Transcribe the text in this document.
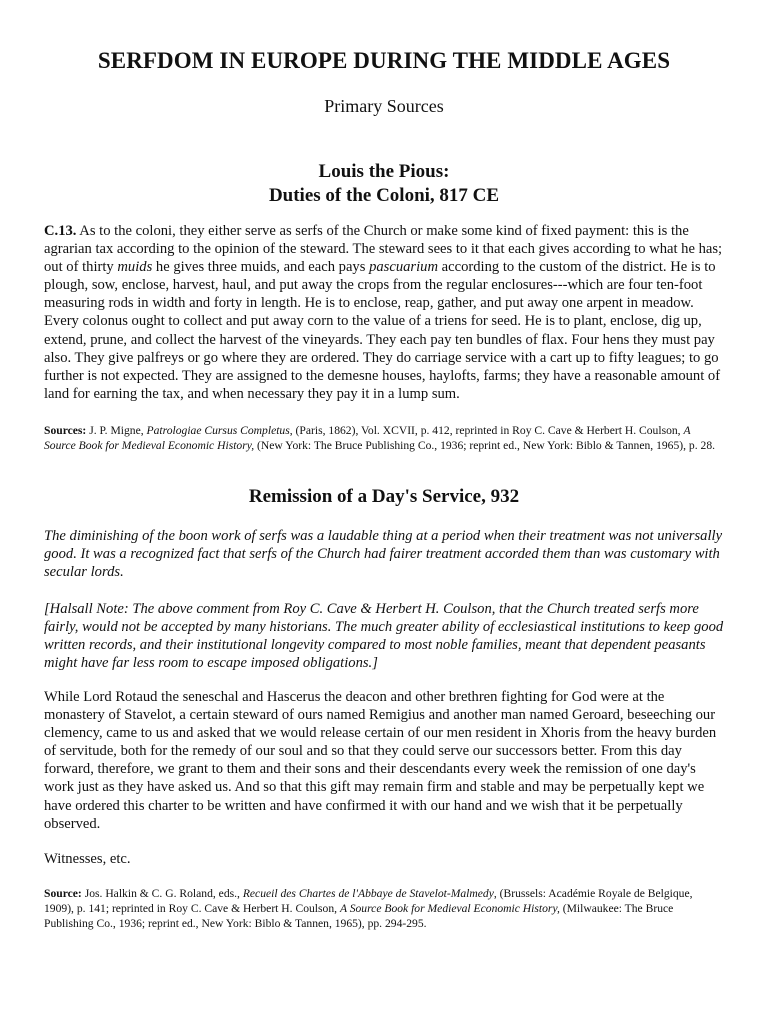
SERFDOM IN EUROPE DURING THE MIDDLE AGES
Primary Sources
Louis the Pious:
Duties of the Coloni, 817 CE
C.13. As to the coloni, they either serve as serfs of the Church or make some kind of fixed payment: this is the agrarian tax according to the opinion of the steward. The steward sees to it that each gives according to what he has; out of thirty muids he gives three muids, and each pays pascuarium according to the custom of the district. He is to plough, sow, enclose, harvest, haul, and put away the crops from the regular enclosures---which are four ten-foot measuring rods in width and forty in length. He is to enclose, reap, gather, and put away one arpent in meadow. Every colonus ought to collect and put away corn to the value of a triens for seed. He is to plant, enclose, dig up, extend, prune, and collect the harvest of the vineyards. They each pay ten bundles of flax. Four hens they must pay also. They give palfreys or go where they are ordered. They do carriage service with a cart up to fifty leagues; to go further is not expected. They are assigned to the demesne houses, haylofts, farms; they have a reasonable amount of land for earning the tax, and when necessary they pay it in a lump sum.
Sources: J. P. Migne, Patrologiae Cursus Completus, (Paris, 1862), Vol. XCVII, p. 412, reprinted in Roy C. Cave & Herbert H. Coulson, A Source Book for Medieval Economic History, (New York: The Bruce Publishing Co., 1936; reprint ed., New York: Biblo & Tannen, 1965), p. 28.
Remission of a Day's Service, 932
The diminishing of the boon work of serfs was a laudable thing at a period when their treatment was not universally good. It was a recognized fact that serfs of the Church had fairer treatment accorded them than was customary with secular lords.
[Halsall Note: The above comment from Roy C. Cave & Herbert H. Coulson, that the Church treated serfs more fairly, would not be accepted by many historians. The much greater ability of ecclesiastical institutions to keep good written records, and their institutional longevity compared to most noble families, meant that dependent peasants might have far less room to escape imposed obligations.]
While Lord Rotaud the seneschal and Hascerus the deacon and other brethren fighting for God were at the monastery of Stavelot, a certain steward of ours named Remigius and another man named Geroard, beseeching our clemency, came to us and asked that we would release certain of our men resident in Xhoris from the heavy burden of servitude, both for the remedy of our soul and so that they could serve our successors better. From this day forward, therefore, we grant to them and their sons and their descendants every week the remission of one day's work just as they have asked us. And so that this gift may remain firm and stable and may be perpetually kept we have ordered this charter to be written and have confirmed it with our hand and we wish that it be perpetually observed.
Witnesses, etc.
Source: Jos. Halkin & C. G. Roland, eds., Recueil des Chartes de l'Abbaye de Stavelot-Malmedy, (Brussels: Académie Royale de Belgique, 1909), p. 141; reprinted in Roy C. Cave & Herbert H. Coulson, A Source Book for Medieval Economic History, (Milwaukee: The Bruce Publishing Co., 1936; reprint ed., New York: Biblo & Tannen, 1965), pp. 294-295.
